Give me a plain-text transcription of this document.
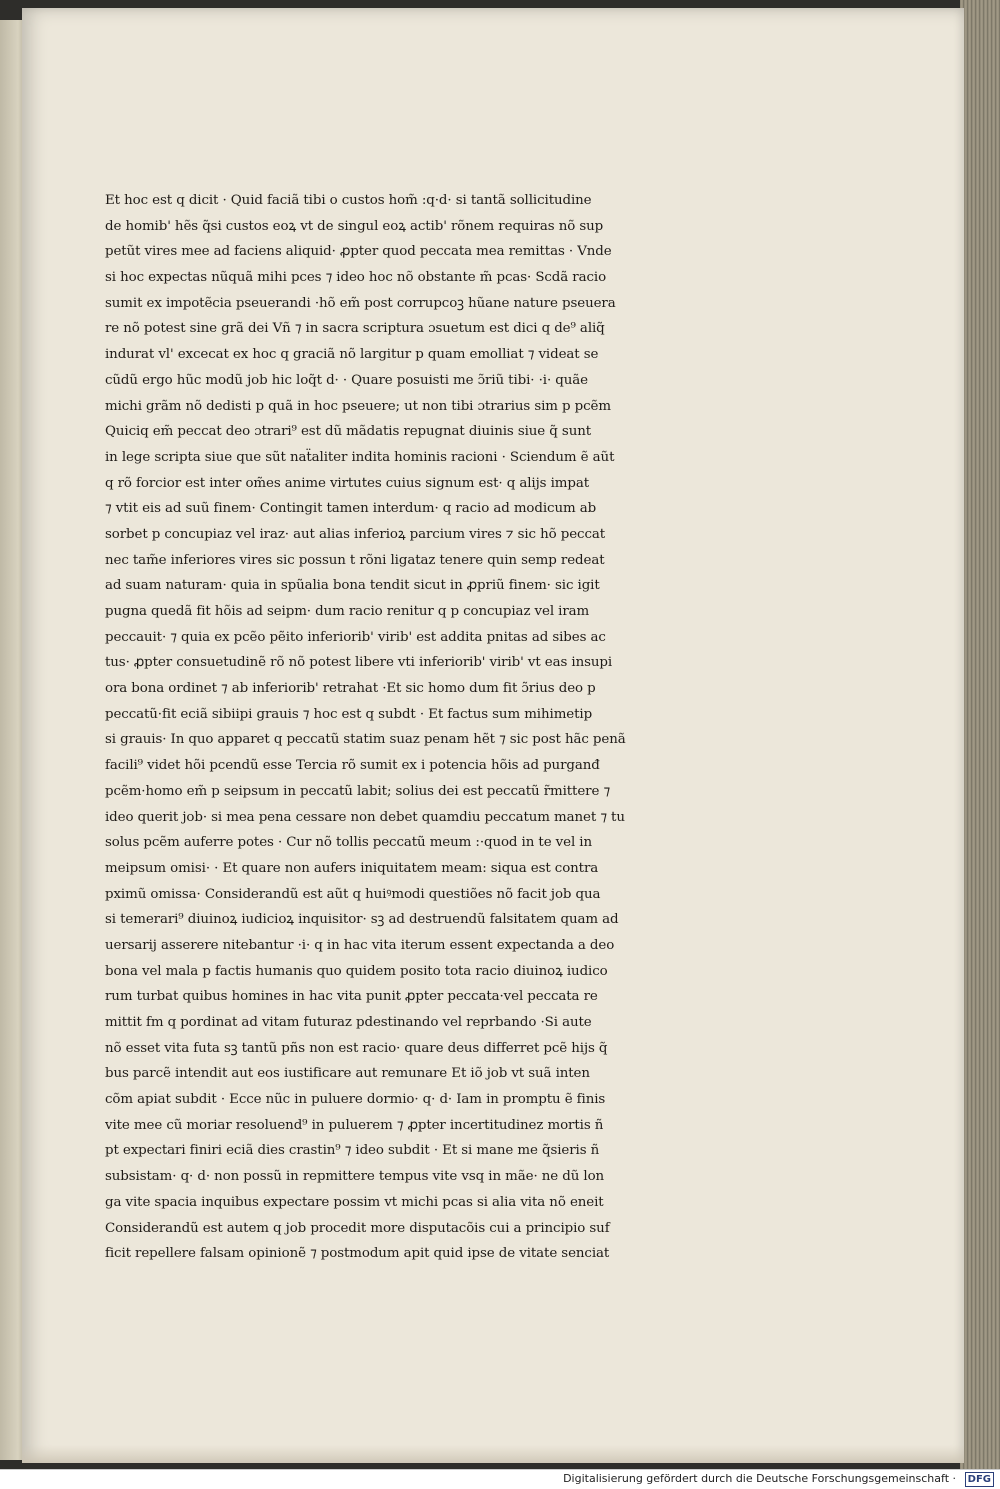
Et hoc est q dicit · Quid faciã tibi o custos hom̃ :q·d· si tantã sollicitudine
de homib' hẽs q̃si custos eoꝝ vt de singul eoꝝ actib' rõnem requiras nõ sup
petũt vires mee ad faciens aliquid· ꝓpter quod peccata mea remittas · Vnde
si hoc expectas nũquã mihi pces ⁊ ideo hoc nõ obstante m̃ pcas· Scdã racio
sumit ex impotẽcia pseuerandi ·hõ em̃ post corrupcoꝫ hũane nature pseuera
re nõ potest sine grã dei Vñ ⁊ in sacra scriptura ɔsuetum est dici q de⁹ aliq̃
indurat vl' excecat ex hoc q graciã nõ largitur p quam emolliat ⁊ videat se
cũdũ ergo hũc modũ job hic loq̃t d· · Quare posuisti me ɔ̃riũ tibi· ·i· quãe
michi grãm nõ dedisti p quã in hoc pseuere; ut non tibi ɔtrarius sim p pcẽm
Quiciq em̃ peccat deo ɔtrari⁹ est dũ mãdatis repugnat diuinis siue q̃ sunt
in lege scripta siue que sũt naẗaliter indita hominis racioni · Sciendum ẽ aũt
q rõ forcior est inter om̃es anime virtutes cuius signum est· q alijs impat
⁊ vtit eis ad suũ finem· Contingit tamen interdum· q racio ad modicum ab
sorbet p concupiaz vel iraz· aut alias inferioꝝ parcium vires ⁊ sic hõ peccat
nec tam̃e inferiores vires sic possun t rõni ligataz tenere quin semp redeat
ad suam naturam· quia in spũalia bona tendit sicut in ꝓpriũ finem· sic igit
pugna quedã fit hõis ad seipm· dum racio renitur q p concupiaz vel iram
peccauit· ⁊ quia ex pcẽo pẽito inferiorib' virib' est addita pnitas ad sibes ac
tus· ꝓpter consuetudinẽ rõ nõ potest libere vti inferiorib' virib' vt eas insupi
ora bona ordinet ⁊ ab inferiorib' retrahat ·Et sic homo dum fit ɔ̃rius deo p
peccatũ·fit eciã sibiipi grauis ⁊ hoc est q subdt · Et factus sum mihimetip
si grauis· In quo apparet q peccatũ statim suaz penam hẽt ⁊ sic post hãc penã
facili⁹ videt hõi pcendũ esse Tercia rõ sumit ex i potencia hõis ad purganđ
pcẽm·homo em̃ p seipsum in peccatũ labit; solius dei est peccatũ r̃mittere ⁊
ideo querit job· si mea pena cessare non debet quamdiu peccatum manet ⁊ tu
solus pcẽm auferre potes · Cur nõ tollis peccatũ meum :·quod in te vel in
meipsum omisi· · Et quare non aufers iniquitatem meam: siqua est contra
pximũ omissa· Considerandũ est aũt q huiꝰmodi questiões nõ facit job qua
si temerari⁹ diuinoꝝ iudicioꝝ inquisitor· sꝫ ad destruendũ falsitatem quam ad
uersarij asserere nitebantur ·i· q in hac vita iterum essent expectanda a deo
bona vel mala p factis humanis quo quidem posito tota racio diuinoꝝ iudico
rum turbat quibus homines in hac vita punit ꝓpter peccata·vel peccata re
mittit fm q pordinat ad vitam futuraz pdestinando vel reprbando ·Si aute
nõ esset vita futa sꝫ tantũ pñs non est racio· quare deus differret pcẽ hijs q̃
bus parcẽ intendit aut eos iustificare aut remunare Et iõ job vt suã inten
cõm apiat subdit · Ecce nũc in puluere dormio· q· d· Iam in promptu ẽ finis
vite mee cũ moriar resoluend⁹ in puluerem ⁊ ꝓpter incertitudinez mortis ñ
pt expectari finiri eciã dies crastin⁹ ⁊ ideo subdit · Et si mane me q̃sieris ñ
subsistam· q· d· non possũ in repmittere tempus vite vsq in mãe· ne dũ lon
ga vite spacia inquibus expectare possim vt michi pcas si alia vita nõ eneit
Considerandũ est autem q job procedit more disputacõis cui a principio suf
ficit repellere falsam opinionẽ ⁊ postmodum apit quid ipse de vitate senciat
Digitalisierung gefördert durch die Deutsche Forschungsgemeinschaft ·	DFG
